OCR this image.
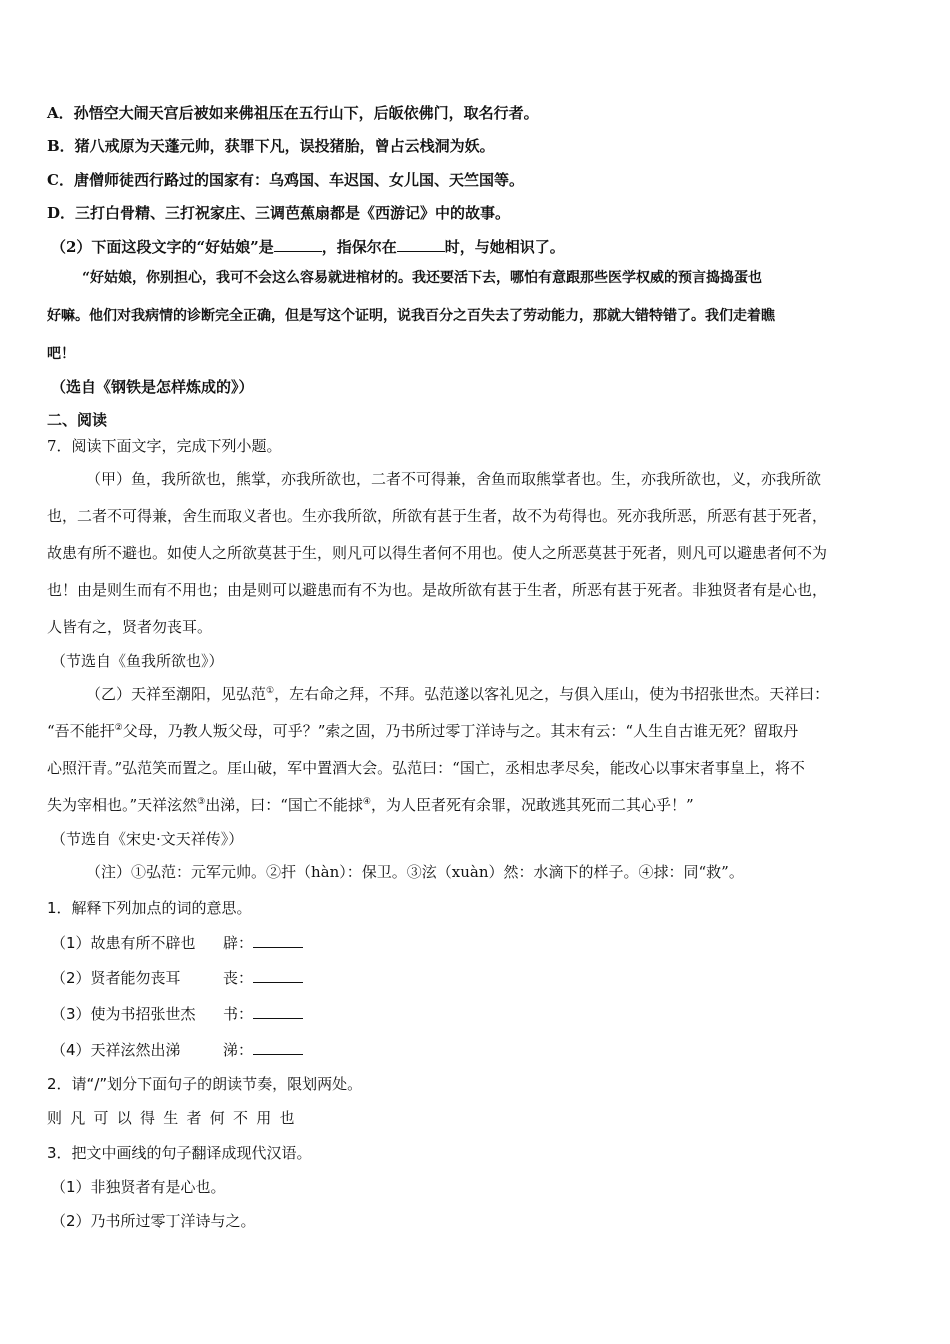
A．孙悟空大闹天宫后被如来佛祖压在五行山下，后皈依佛门，取名行者。
B．猪八戒原为天蓬元帅，获罪下凡，误投猪胎，曾占云栈洞为妖。
C．唐僧师徒西行路过的国家有：乌鸡国、车迟国、女儿国、天竺国等。
D．三打白骨精、三打祝家庄、三调芭蕉扇都是《西游记》中的故事。
（2）下面这段文字的“好姑娘”是	，指保尔在	时，与她相识了。
“好姑娘，你别担心，我可不会这么容易就进棺材的。我还要活下去，哪怕有意跟那些医学权威的预言捣捣蛋也
好嘛。他们对我病情的诊断完全正确，但是写这个证明，说我百分之百失去了劳动能力，那就大错特错了。我们走着瞧
吧！
（选自《钢铁是怎样炼成的》）
二、阅读
7．阅读下面文字，完成下列小题。
（甲）鱼，我所欲也，熊掌，亦我所欲也，二者不可得兼，舍鱼而取熊掌者也。生，亦我所欲也，义，亦我所欲
也，二者不可得兼，舍生而取义者也。生亦我所欲，所欲有甚于生者，故不为苟得也。死亦我所恶，所恶有甚于死者，
故患有所不避也。如使人之所欲莫甚于生，则凡可以得生者何不用也。使人之所恶莫甚于死者，则凡可以避患者何不为
也！由是则生而有不用也；由是则可以避患而有不为也。是故所欲有甚于生者，所恶有甚于死者。非独贤者有是心也，
人皆有之，贤者勿丧耳。
（节选自《鱼我所欲也》）
（乙）天祥至潮阳，见弘范①，左右命之拜，不拜。弘范遂以客礼见之，与俱入厓山，使为书招张世杰。天祥曰：
“吾不能扞②父母，乃教人叛父母，可乎？”索之固，乃书所过零丁洋诗与之。其末有云：“人生自古谁无死？留取丹
心照汗青。”弘范笑而置之。厓山破，军中置酒大会。弘范曰：“国亡，丞相忠孝尽矣，能改心以事宋者事皇上，将不
失为宰相也。”天祥泫然③出涕，曰：“国亡不能捄④，为人臣者死有余罪，况敢逃其死而二其心乎！”
（节选自《宋史·文天祥传》）
（注）①弘范：元军元帅。②扞（hàn）：保卫。③泫（xuàn）然：水滴下的样子。④捄：同“救”。
1．解释下列加点的词的意思。
（1）故患有所不辟也 辟：
（2）贤者能勿丧耳	丧：
（3）使为书招张世杰 书：
（4）天祥泫然出涕	涕：
2．请“/”划分下面句子的朗读节奏，限划两处。
则凡可以得生者何不用也
3．把文中画线的句子翻译成现代汉语。
（1）非独贤者有是心也。
（2）乃书所过零丁洋诗与之。
